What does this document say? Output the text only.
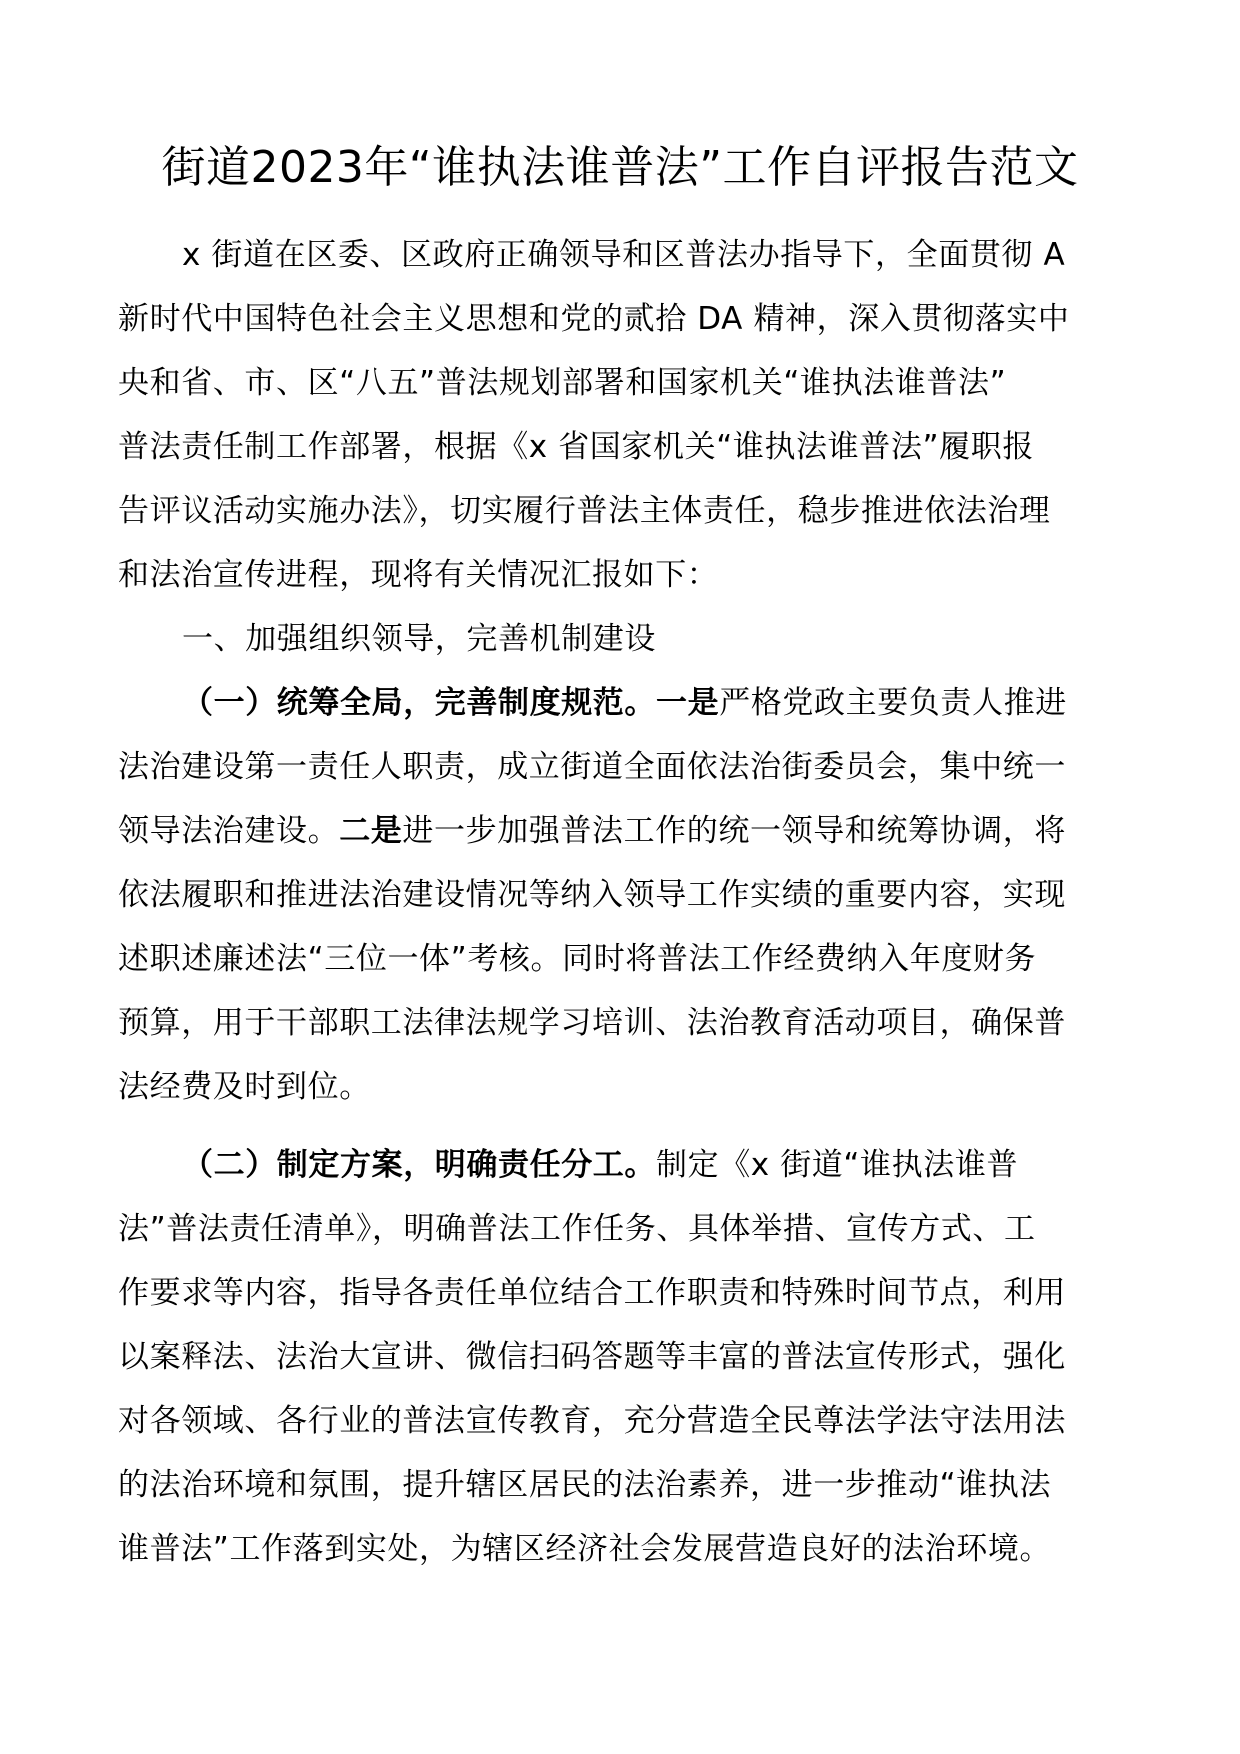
街道2023年“谁执法谁普法”工作自评报告范文
x 街道在区委、区政府正确领导和区普法办指导下，全面贯彻 A
新时代中国特色社会主义思想和党的贰拾 DA 精神，深入贯彻落实中
央和省、市、区“八五”普法规划部署和国家机关“谁执法谁普法”
普法责任制工作部署，根据《x 省国家机关“谁执法谁普法”履职报
告评议活动实施办法》，切实履行普法主体责任，稳步推进依法治理
和法治宣传进程，现将有关情况汇报如下：
一、加强组织领导，完善机制建设
（一）统筹全局，完善制度规范。一是严格党政主要负责人推进
法治建设第一责任人职责，成立街道全面依法治街委员会，集中统一
领导法治建设。二是进一步加强普法工作的统一领导和统筹协调，将
依法履职和推进法治建设情况等纳入领导工作实绩的重要内容，实现
述职述廉述法“三位一体”考核。同时将普法工作经费纳入年度财务
预算，用于干部职工法律法规学习培训、法治教育活动项目，确保普
法经费及时到位。
（二）制定方案，明确责任分工。制定《x 街道“谁执法谁普
法”普法责任清单》，明确普法工作任务、具体举措、宣传方式、工
作要求等内容，指导各责任单位结合工作职责和特殊时间节点，利用
以案释法、法治大宣讲、微信扫码答题等丰富的普法宣传形式，强化
对各领域、各行业的普法宣传教育，充分营造全民尊法学法守法用法
的法治环境和氛围，提升辖区居民的法治素养，进一步推动“谁执法
谁普法”工作落到实处，为辖区经济社会发展营造良好的法治环境。
